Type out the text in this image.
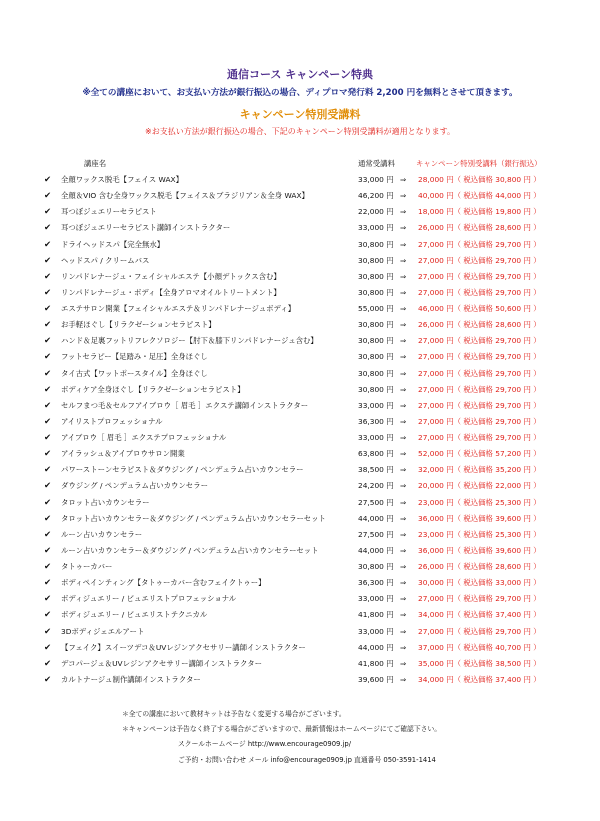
通信コース キャンペーン特典
※全ての講座において、お支払い方法が銀行振込の場合、ディプロマ発行料 2,200 円を無料とさせて頂きます。
キャンペーン特別受講料
※お支払い方法が銀行振込の場合、下記のキャンペーン特別受講料が適用となります。
講座名	通常受講料	キャンペーン特別受講料（銀行振込）
✔ 全顔ワックス脱毛【フェイス WAX】	33,000 円 ⇒ 28,000 円（ 税込価格 30,800 円 ）
✔ 全顔＆VIO 含む全身ワックス脱毛【フェイス＆ブラジリアン＆全身 WAX】	46,200 円 ⇒ 40,000 円（ 税込価格 44,000 円 ）
✔ 耳つぼジュエリーセラピスト	22,000 円 ⇒ 18,000 円（ 税込価格 19,800 円 ）
✔ 耳つぼジュエリーセラピスト講師インストラクター	33,000 円 ⇒ 26,000 円（ 税込価格 28,600 円 ）
✔ ドライヘッドスパ【完全無水】	30,800 円 ⇒ 27,000 円（ 税込価格 29,700 円 ）
✔ ヘッドスパ / クリームバス	30,800 円 ⇒ 27,000 円（ 税込価格 29,700 円 ）
✔ リンパドレナージュ・フェイシャルエステ【小顔デトックス含む】	30,800 円 ⇒ 27,000 円（ 税込価格 29,700 円 ）
✔ リンパドレナージュ・ボディ【全身アロマオイルトリートメント】	30,800 円 ⇒ 27,000 円（ 税込価格 29,700 円 ）
✔ エステサロン開業【フェイシャルエステ＆リンパドレナージュボディ】	55,000 円 ⇒ 46,000 円（ 税込価格 50,600 円 ）
✔ お手軽ほぐし【リラクゼーションセラピスト】	30,800 円 ⇒ 26,000 円（ 税込価格 28,600 円 ）
✔ ハンド＆足裏フットリフレクソロジー【肘下＆膝下リンパドレナージュ含む】	30,800 円 ⇒ 27,000 円（ 税込価格 29,700 円 ）
✔ フットセラピー【足踏み・足圧】全身ほぐし	30,800 円 ⇒ 27,000 円（ 税込価格 29,700 円 ）
✔ タイ古式【ワットポースタイル】全身ほぐし	30,800 円 ⇒ 27,000 円（ 税込価格 29,700 円 ）
✔ ボディケア全身ほぐし【リラクゼーションセラピスト】	30,800 円 ⇒ 27,000 円（ 税込価格 29,700 円 ）
✔ セルフまつ毛＆セルフアイブロウ［ 眉毛 ］エクステ講師インストラクター	33,000 円 ⇒ 27,000 円（ 税込価格 29,700 円 ）
✔ アイリストプロフェッショナル	36,300 円 ⇒ 27,000 円（ 税込価格 29,700 円 ）
✔ アイブロウ［ 眉毛 ］エクステプロフェッショナル	33,000 円 ⇒ 27,000 円（ 税込価格 29,700 円 ）
✔ アイラッシュ＆アイブロウサロン開業	63,800 円 ⇒ 52,000 円（ 税込価格 57,200 円 ）
✔ パワーストーンセラピスト＆ダウジング / ペンデュラム占いカウンセラー	38,500 円 ⇒ 32,000 円（ 税込価格 35,200 円 ）
✔ ダウジング / ペンデュラム占いカウンセラー	24,200 円 ⇒ 20,000 円（ 税込価格 22,000 円 ）
✔ タロット占いカウンセラー	27,500 円 ⇒ 23,000 円（ 税込価格 25,300 円 ）
✔ タロット占いカウンセラー＆ダウジング / ペンデュラム占いカウンセラーセット	44,000 円 ⇒ 36,000 円（ 税込価格 39,600 円 ）
✔ ルーン占いカウンセラー	27,500 円 ⇒ 23,000 円（ 税込価格 25,300 円 ）
✔ ルーン占いカウンセラー＆ダウジング / ペンデュラム占いカウンセラーセット	44,000 円 ⇒ 36,000 円（ 税込価格 39,600 円 ）
✔ タトゥーカバー	30,800 円 ⇒ 26,000 円（ 税込価格 28,600 円 ）
✔ ボディペインティング【タトゥーカバー含むフェイクトゥー】	36,300 円 ⇒ 30,000 円（ 税込価格 33,000 円 ）
✔ ボディジュエリー / ビュエリストプロフェッショナル	33,000 円 ⇒ 27,000 円（ 税込価格 29,700 円 ）
✔ ボディジュエリー / ビュエリストテクニカル	41,800 円 ⇒ 34,000 円（ 税込価格 37,400 円 ）
✔ 3Dボディジェエルアート	33,000 円 ⇒ 27,000 円（ 税込価格 29,700 円 ）
✔ 【フェイク】スイーツデコ＆UVレジンアクセサリー講師インストラクター	44,000 円 ⇒ 37,000 円（ 税込価格 40,700 円 ）
✔ デコパージュ＆UVレジンアクセサリー講師インストラクター	41,800 円 ⇒ 35,000 円（ 税込価格 38,500 円 ）
✔ カルトナージュ制作講師インストラクター	39,600 円 ⇒ 34,000 円（ 税込価格 37,400 円 ）
＊全ての講座において教材キットは予告なく変更する場合がございます。
＊キャンペーンは予告なく終了する場合がございますので、最新情報はホームページにてご確認下さい。
スクールホームページ http://www.encourage0909.jp/
ご予約・お問い合わせ メール info@encourage0909.jp 直通番号 050-3591-1414
